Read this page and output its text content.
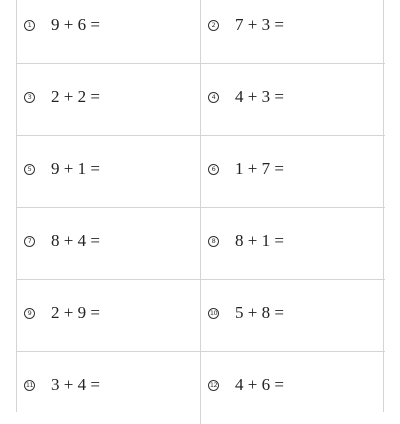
1 9 + 6 =	2 7 + 3 =
3 2 + 2 =	4 4 + 3 =
5 9 + 1 =	6 1 + 7 =
7 8 + 4 =	8 8 + 1 =
9 2 + 9 =	10 5 + 8 =
11 3 + 4 =	12 4 + 6 =
